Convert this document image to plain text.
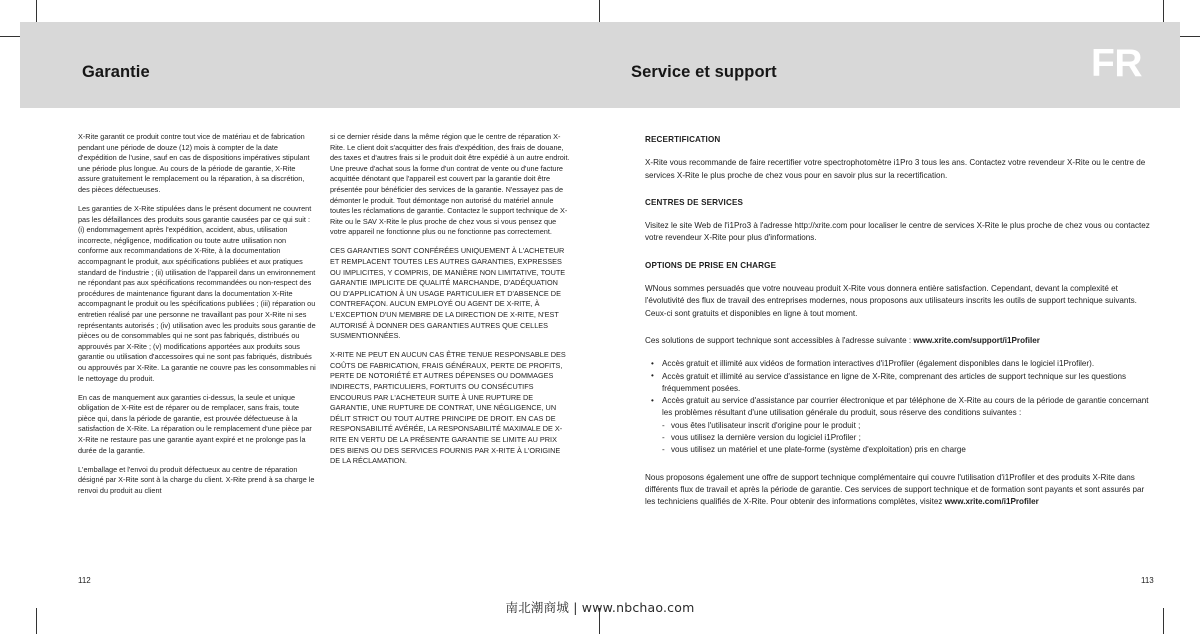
Garantie	Service et support	FR

X-Rite garantit ce produit contre tout vice de matériau et de fabrication pendant une période de douze (12) mois à compter de la date d'expédition de l'usine, sauf en cas de dispositions impératives stipulant une période plus longue. Au cours de la période de garantie, X-Rite assure gratuitement le remplacement ou la réparation, à sa discrétion, des pièces défectueuses.

Les garanties de X-Rite stipulées dans le présent document ne couvrent pas les défaillances des produits sous garantie causées par ce qui suit : (i) endommagement après l'expédition, accident, abus, utilisation incorrecte, négligence, modification ou toute autre utilisation non conforme aux recommandations de X-Rite, à la documentation accompagnant le produit, aux spécifications publiées et aux pratiques standard de l'industrie ; (ii) utilisation de l'appareil dans un environnement ne répondant pas aux spécifications recommandées ou non-respect des procédures de maintenance figurant dans la documentation X-Rite accompagnant le produit ou les spécifications publiées ; (iii) réparation ou entretien réalisé par une personne ne travaillant pas pour X-Rite ni ses représentants autorisés ; (iv) utilisation avec les produits sous garantie de pièces ou de consommables qui ne sont pas fabriqués, distribués ou approuvés par X-Rite ; (v) modifications apportées aux produits sous garantie ou utilisation d'accessoires qui ne sont pas fabriqués, distribués ou approuvés par X-Rite. La garantie ne couvre pas les consommables ni le nettoyage du produit.

En cas de manquement aux garanties ci-dessus, la seule et unique obligation de X-Rite est de réparer ou de remplacer, sans frais, toute pièce qui, dans la période de garantie, est prouvée défectueuse à la satisfaction de X-Rite. La réparation ou le remplacement d'une pièce par X-Rite ne restaure pas une garantie ayant expiré et ne prolonge pas la durée de la garantie.

L'emballage et l'envoi du produit défectueux au centre de réparation désigné par X-Rite sont à la charge du client. X-Rite prend à sa charge le renvoi du produit au client

si ce dernier réside dans la même région que le centre de réparation X-Rite. Le client doit s'acquitter des frais d'expédition, des frais de douane, des taxes et d'autres frais si le produit doit être expédié à un autre endroit. Une preuve d'achat sous la forme d'un contrat de vente ou d'une facture acquittée dénotant que l'appareil est couvert par la garantie doit être présentée pour bénéficier des services de la garantie. N'essayez pas de démonter le produit. Tout démontage non autorisé du matériel annule toutes les réclamations de garantie. Contactez le support technique de X-Rite ou le SAV X-Rite le plus proche de chez vous si vous pensez que votre appareil ne fonctionne plus ou ne fonctionne pas correctement.

CES GARANTIES SONT CONFÉRÉES UNIQUEMENT À L'ACHETEUR ET REMPLACENT TOUTES LES AUTRES GARANTIES, EXPRESSES OU IMPLICITES, Y COMPRIS, DE MANIÈRE NON LIMITATIVE, TOUTE GARANTIE IMPLICITE DE QUALITÉ MARCHANDE, D'ADÉQUATION OU D'APPLICATION À UN USAGE PARTICULIER ET D'ABSENCE DE CONTREFAÇON. AUCUN EMPLOYÉ OU AGENT DE X-RITE, À L'EXCEPTION D'UN MEMBRE DE LA DIRECTION DE X-RITE, N'EST AUTORISÉ À DONNER DES GARANTIES AUTRES QUE CELLES SUSMENTIONNÉES.

X-RITE NE PEUT EN AUCUN CAS ÊTRE TENUE RESPONSABLE DES COÛTS DE FABRICATION, FRAIS GÉNÉRAUX, PERTE DE PROFITS, PERTE DE NOTORIÉTÉ ET AUTRES DÉPENSES OU DOMMAGES INDIRECTS, PARTICULIERS, FORTUITS OU CONSÉCUTIFS ENCOURUS PAR L'ACHETEUR SUITE À UNE RUPTURE DE GARANTIE, UNE RUPTURE DE CONTRAT, UNE NÉGLIGENCE, UN DÉLIT STRICT OU TOUT AUTRE PRINCIPE DE DROIT. EN CAS DE RESPONSABILITÉ AVÉRÉE, LA RESPONSABILITÉ MAXIMALE DE X-RITE EN VERTU DE LA PRÉSENTE GARANTIE SE LIMITE AU PRIX DES BIENS OU DES SERVICES FOURNIS PAR X-RITE À L'ORIGINE DE LA RÉCLAMATION.

RECERTIFICATION

X-Rite vous recommande de faire recertifier votre spectrophotomètre i1Pro 3 tous les ans. Contactez votre revendeur X-Rite ou le centre de services X-Rite le plus proche de chez vous pour en savoir plus sur la recertification.

CENTRES DE SERVICES

Visitez le site Web de l'i1Pro3 à l'adresse http://xrite.com pour localiser le centre de services X-Rite le plus proche de chez vous ou contactez votre revendeur X-Rite pour plus d'informations.

OPTIONS DE PRISE EN CHARGE

WNous sommes persuadés que votre nouveau produit X-Rite vous donnera entière satisfaction. Cependant, devant la complexité et l'évolutivité des flux de travail des entreprises modernes, nous proposons aux utilisateurs inscrits les outils de support technique suivants. Ceux-ci sont gratuits et disponibles en ligne à tout moment.

Ces solutions de support technique sont accessibles à l'adresse suivante : www.xrite.com/support/i1Profiler

• Accès gratuit et illimité aux vidéos de formation interactives d'i1Profiler (également disponibles dans le logiciel i1Profiler).
• Accès gratuit et illimité au service d'assistance en ligne de X-Rite, comprenant des articles de support technique sur les questions fréquemment posées.
• Accès gratuit au service d'assistance par courrier électronique et par téléphone de X-Rite au cours de la période de garantie concernant les problèmes résultant d'une utilisation générale du produit, sous réserve des conditions suivantes :
- vous êtes l'utilisateur inscrit d'origine pour le produit ;
- vous utilisez la dernière version du logiciel i1Profiler ;
- vous utilisez un matériel et une plate-forme (système d'exploitation) pris en charge

Nous proposons également une offre de support technique complémentaire qui couvre l'utilisation d'i1Profiler et des produits X-Rite dans différents flux de travail et après la période de garantie. Ces services de support technique et de formation sont payants et sont assurés par les techniciens qualifiés de X-Rite. Pour obtenir des informations complètes, visitez www.xrite.com/i1Profiler

112	113
南北潮商城 | www.nbchao.com
